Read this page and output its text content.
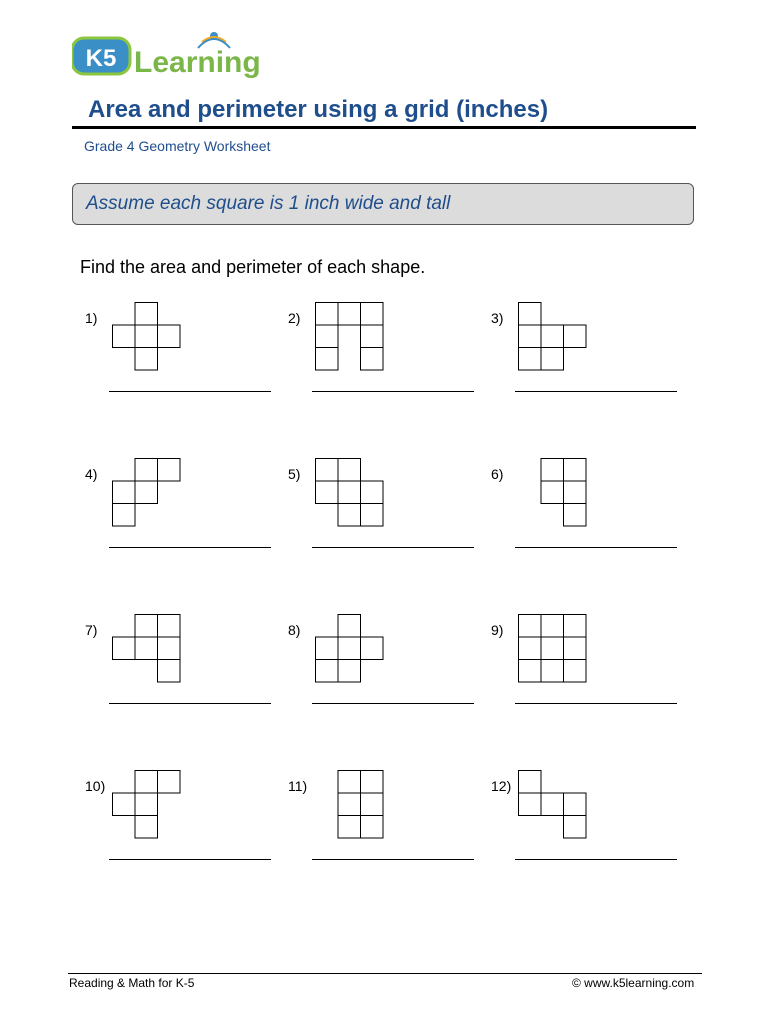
K5 Learning
Area and perimeter using a grid (inches)
Grade 4 Geometry Worksheet
Assume each square is 1 inch wide and tall
Find the area and perimeter of each shape.
1)	2)	3)
4)	5)	6)
7)	8)	9)
10)	11)	12)
Reading & Math for K-5	© www.k5learning.com
